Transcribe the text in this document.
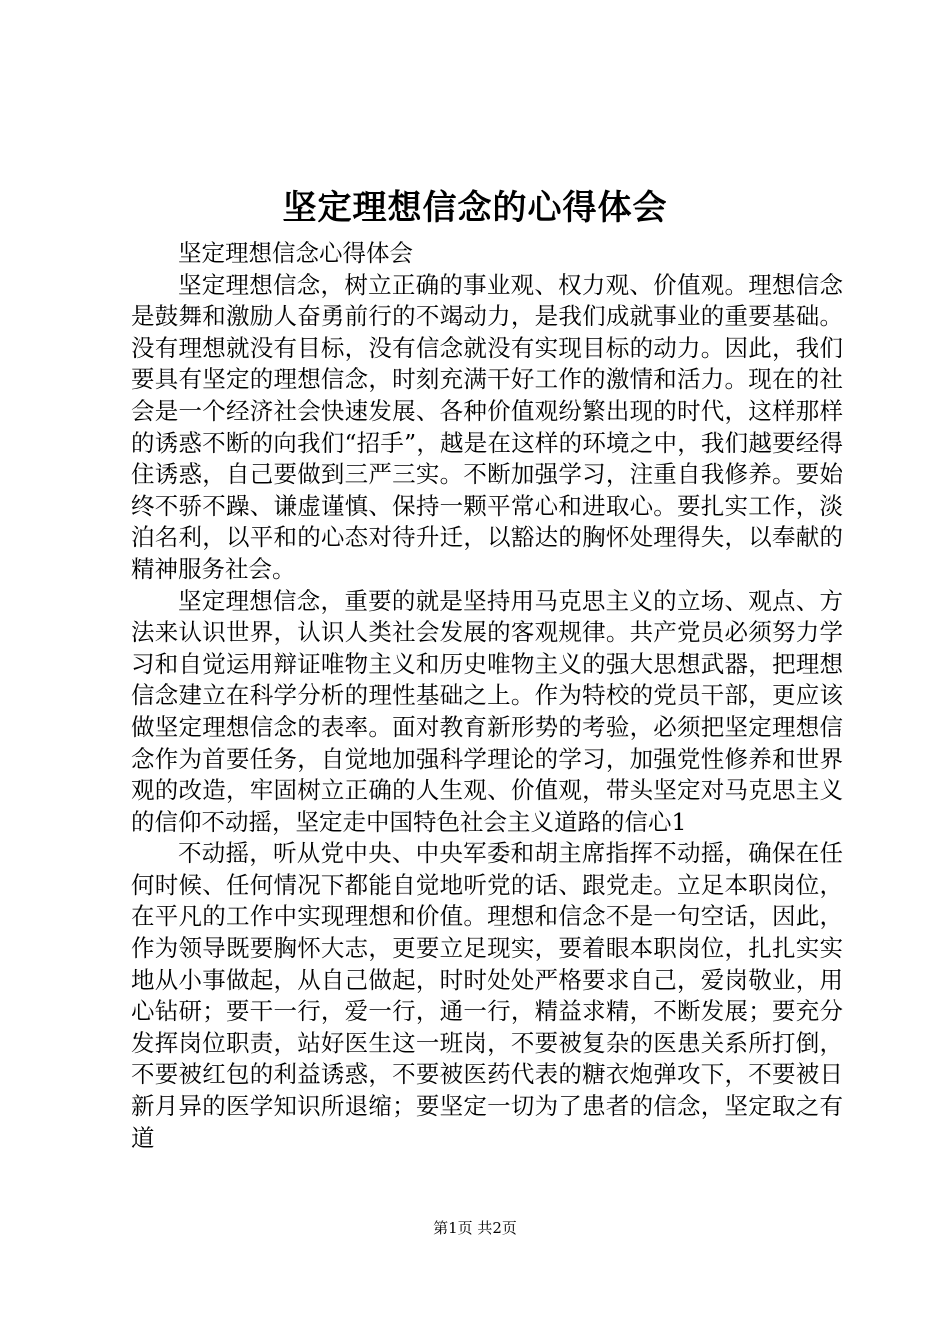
坚定理想信念的心得体会

坚定理想信念心得体会

坚定理想信念，树立正确的事业观、权力观、价值观。理想信念是鼓舞和激励人奋勇前行的不竭动力，是我们成就事业的重要基础。没有理想就没有目标，没有信念就没有实现目标的动力。因此，我们要具有坚定的理想信念，时刻充满干好工作的激情和活力。现在的社会是一个经济社会快速发展、各种价值观纷繁出现的时代，这样那样的诱惑不断的向我们“招手”，越是在这样的环境之中，我们越要经得住诱惑，自己要做到三严三实。不断加强学习，注重自我修养。要始终不骄不躁、谦虚谨慎、保持一颗平常心和进取心。要扎实工作，淡泊名利，以平和的心态对待升迁，以豁达的胸怀处理得失，以奉献的精神服务社会。

坚定理想信念，重要的就是坚持用马克思主义的立场、观点、方法来认识世界，认识人类社会发展的客观规律。共产党员必须努力学习和自觉运用辩证唯物主义和历史唯物主义的强大思想武器，把理想信念建立在科学分析的理性基础之上。作为特校的党员干部，更应该做坚定理想信念的表率。面对教育新形势的考验，必须把坚定理想信念作为首要任务，自觉地加强科学理论的学习，加强党性修养和世界观的改造，牢固树立正确的人生观、价值观，带头坚定对马克思主义的信仰不动摇，坚定走中国特色社会主义道路的信心1

不动摇，听从党中央、中央军委和胡主席指挥不动摇，确保在任何时候、任何情况下都能自觉地听党的话、跟党走。立足本职岗位，在平凡的工作中实现理想和价值。理想和信念不是一句空话，因此，作为领导既要胸怀大志，更要立足现实，要着眼本职岗位，扎扎实实地从小事做起，从自己做起，时时处处严格要求自己，爱岗敬业，用心钻研；要干一行，爱一行，通一行，精益求精，不断发展；要充分发挥岗位职责，站好医生这一班岗，不要被复杂的医患关系所打倒，不要被红包的利益诱惑，不要被医药代表的糖衣炮弹攻下，不要被日新月异的医学知识所退缩；要坚定一切为了患者的信念，坚定取之有道

第1页 共2页
